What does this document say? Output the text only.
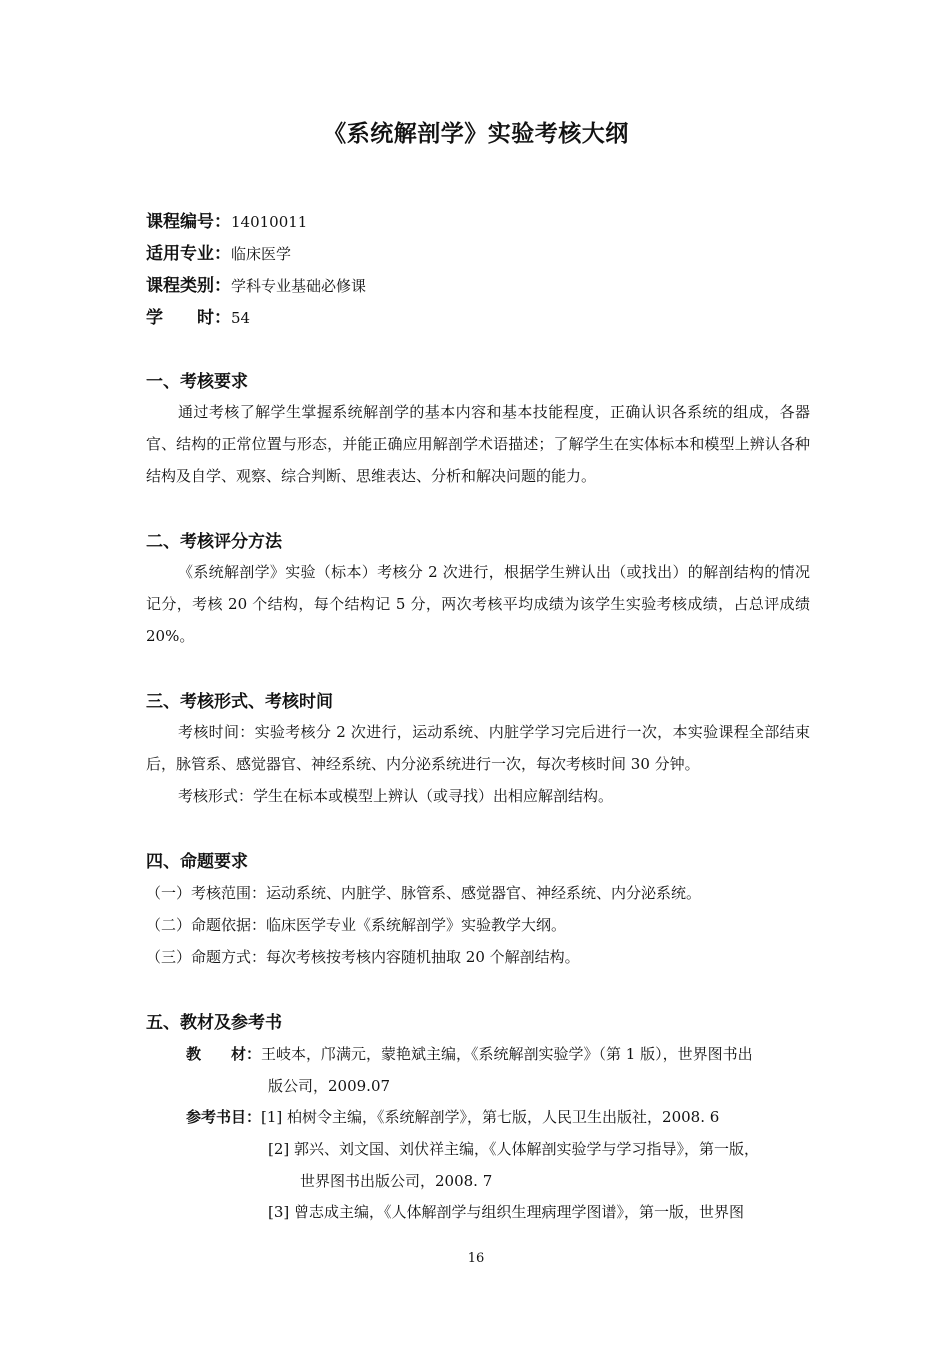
《系统解剖学》实验考核大纲
课程编号：14010011
适用专业：临床医学
课程类别：学科专业基础必修课
学　　时：54
一、考核要求

通过考核了解学生掌握系统解剖学的基本内容和基本技能程度，正确认识各系统的组成，各器官、结构的正常位置与形态，并能正确应用解剖学术语描述；了解学生在实体标本和模型上辨认各种结构及自学、观察、综合判断、思维表达、分析和解决问题的能力。

二、考核评分方法

《系统解剖学》实验（标本）考核分 2 次进行，根据学生辨认出（或找出）的解剖结构的情况记分，考核 20 个结构，每个结构记 5 分，两次考核平均成绩为该学生实验考核成绩，占总评成绩 20%。

三、考核形式、考核时间

考核时间：实验考核分 2 次进行，运动系统、内脏学学习完后进行一次，本实验课程全部结束后，脉管系、感觉器官、神经系统、内分泌系统进行一次，每次考核时间 30 分钟。

考核形式：学生在标本或模型上辨认（或寻找）出相应解剖结构。

四、命题要求
（一）考核范围：运动系统、内脏学、脉管系、感觉器官、神经系统、内分泌系统。
（二）命题依据：临床医学专业《系统解剖学》实验教学大纲。
（三）命题方式：每次考核按考核内容随机抽取 20 个解剖结构。
五、教材及参考书
教　　材：王岐本，邝满元，蒙艳斌主编，《系统解剖实验学》（第 1 版），世界图书出
版公司，2009.07
参考书目：[1] 柏树令主编，《系统解剖学》，第七版，人民卫生出版社，2008. 6
[2] 郭兴、刘文国、刘伏祥主编，《人体解剖实验学与学习指导》，第一版，
世界图书出版公司，2008. 7
[3] 曾志成主编，《人体解剖学与组织生理病理学图谱》，第一版，世界图
16
